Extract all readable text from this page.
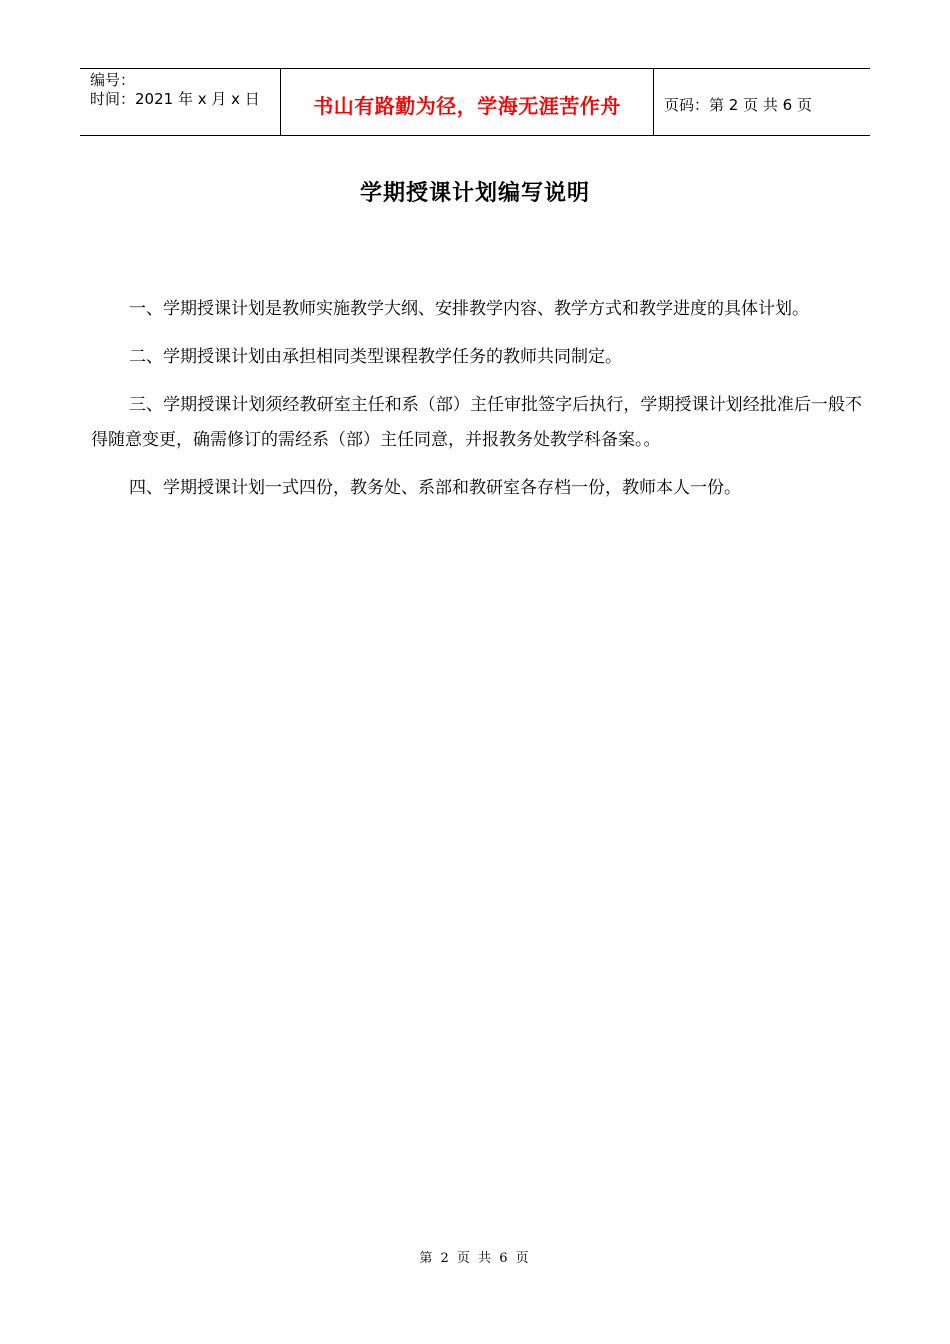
编号：
时间：2021 年 x 月 x 日	书山有路勤为径，学海无涯苦作舟	页码：第 2 页 共 6 页
学期授课计划编写说明

一、学期授课计划是教师实施教学大纲、安排教学内容、教学方式和教学进度的具体计划。

二、学期授课计划由承担相同类型课程教学任务的教师共同制定。

三、学期授课计划须经教研室主任和系（部）主任审批签字后执行，学期授课计划经批准后一般不得随意变更，确需修订的需经系（部）主任同意，并报教务处教学科备案。。

四、学期授课计划一式四份，教务处、系部和教研室各存档一份，教师本人一份。

第 2 页 共 6 页
